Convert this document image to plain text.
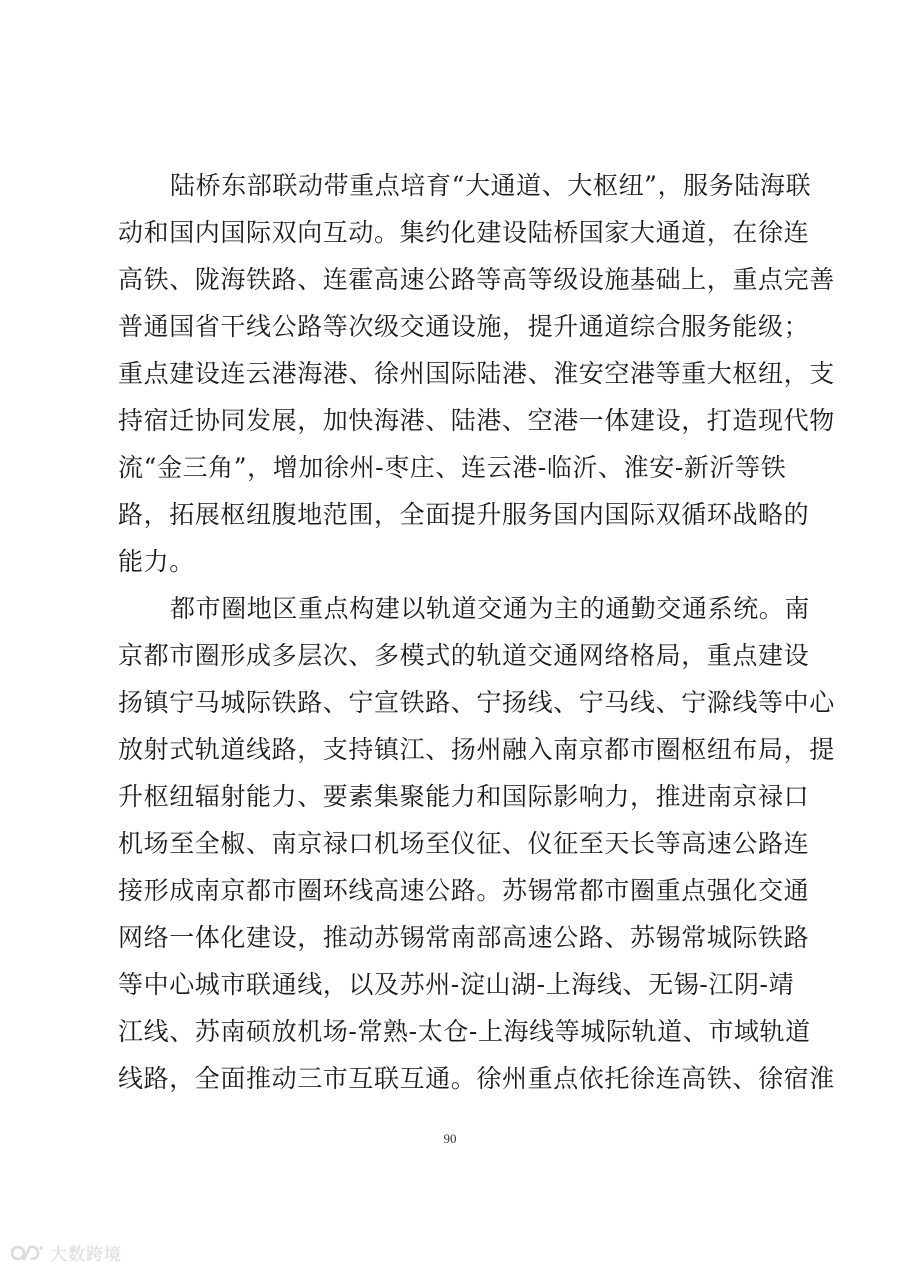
陆桥东部联动带重点培育“大通道、大枢纽”，服务陆海联
动和国内国际双向互动。集约化建设陆桥国家大通道，在徐连
高铁、陇海铁路、连霍高速公路等高等级设施基础上，重点完善
普通国省干线公路等次级交通设施，提升通道综合服务能级；
重点建设连云港海港、徐州国际陆港、淮安空港等重大枢纽，支
持宿迁协同发展，加快海港、陆港、空港一体建设，打造现代物
流“金三角”，增加徐州-枣庄、连云港-临沂、淮安-新沂等铁
路，拓展枢纽腹地范围，全面提升服务国内国际双循环战略的
能力。
都市圈地区重点构建以轨道交通为主的通勤交通系统。南
京都市圈形成多层次、多模式的轨道交通网络格局，重点建设
扬镇宁马城际铁路、宁宣铁路、宁扬线、宁马线、宁滁线等中心
放射式轨道线路，支持镇江、扬州融入南京都市圈枢纽布局，提
升枢纽辐射能力、要素集聚能力和国际影响力，推进南京禄口
机场至全椒、南京禄口机场至仪征、仪征至天长等高速公路连
接形成南京都市圈环线高速公路。苏锡常都市圈重点强化交通
网络一体化建设，推动苏锡常南部高速公路、苏锡常城际铁路
等中心城市联通线，以及苏州-淀山湖-上海线、无锡-江阴-靖
江线、苏南硕放机场-常熟-太仓-上海线等城际轨道、市域轨道
线路，全面推动三市互联互通。徐州重点依托徐连高铁、徐宿淮
90
大数跨境
